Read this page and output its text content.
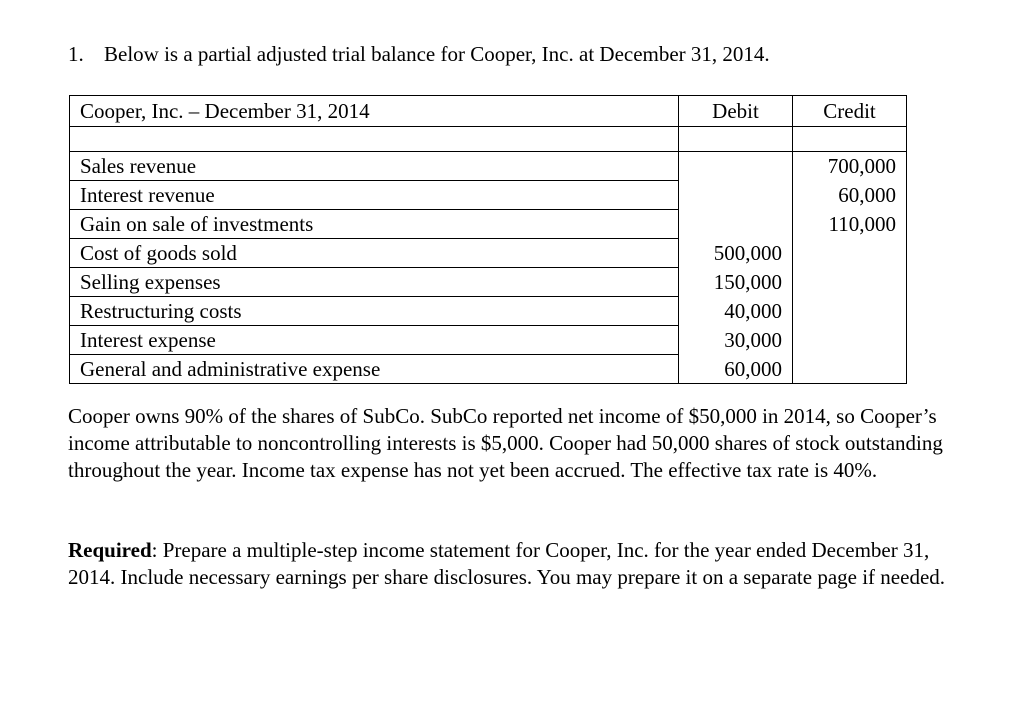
1. Below is a partial adjusted trial balance for Cooper, Inc. at December 31, 2014.
Cooper, Inc. – December 31, 2014	Debit	Credit

Sales revenue		700,000
Interest revenue		60,000
Gain on sale of investments		110,000
Cost of goods sold	500,000	
Selling expenses	150,000	
Restructuring costs	40,000	
Interest expense	30,000	
General and administrative expense	60,000	

Cooper owns 90% of the shares of SubCo. SubCo reported net income of $50,000 in 2014, so Cooper’s income attributable to noncontrolling interests is $5,000. Cooper had 50,000 shares of stock outstanding throughout the year. Income tax expense has not yet been accrued. The effective tax rate is 40%.

Required: Prepare a multiple-step income statement for Cooper, Inc. for the year ended December 31, 2014. Include necessary earnings per share disclosures. You may prepare it on a separate page if needed.
